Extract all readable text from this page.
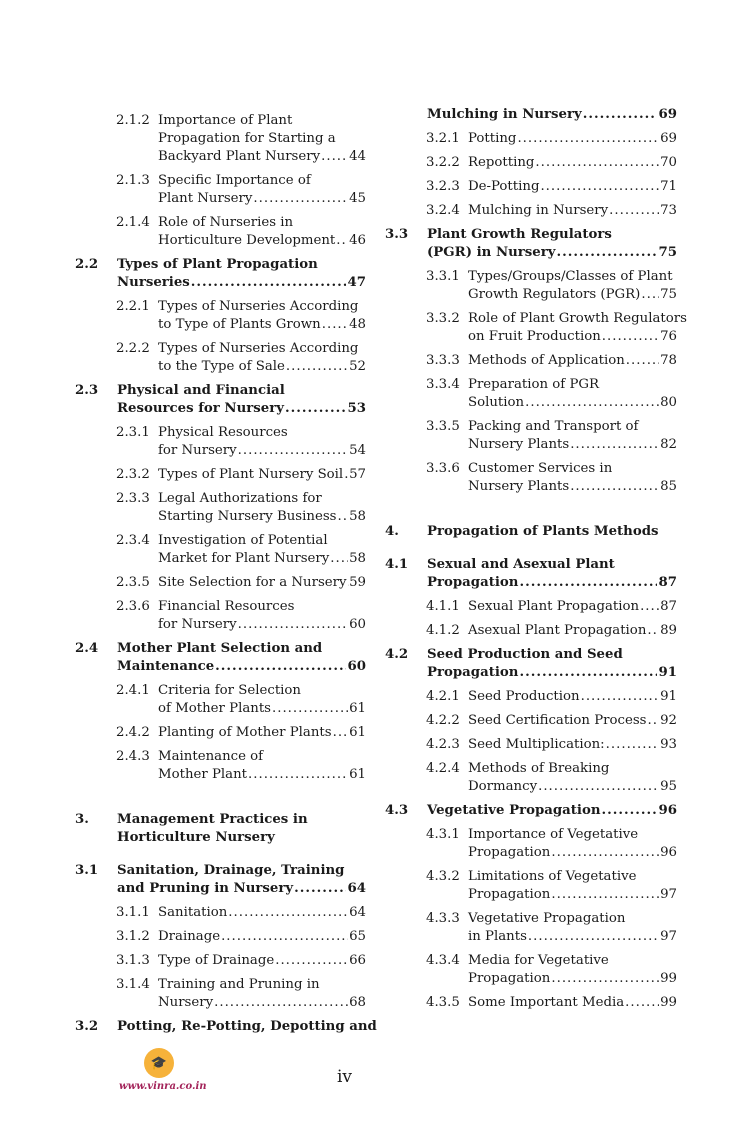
2.1.2 Importance of Plant
Propagation for Starting a
Backyard Plant Nursery ..... 44
2.1.3 Specific Importance of
Plant Nursery .....	45
2.1.4 Role of Nurseries in
Horticulture Development ..... 46
2.2 Types of Plant Propagation
Nurseries .....	47
2.2.1 Types of Nurseries According
to Type of Plants Grown ..... 48
2.2.2 Types of Nurseries According
to the Type of Sale .....	52
2.3 Physical and Financial
Resources for Nursery .....	53
2.3.1 Physical Resources
for Nursery .....	54
2.3.2 Types of Plant Nursery Soil ..... 57
2.3.3 Legal Authorizations for
Starting Nursery Business ..... 58
2.3.4 Investigation of Potential
Market for Plant Nursery ..... 58
2.3.5 Site Selection for a Nursery ..... 59
2.3.6 Financial Resources
for Nursery .....	60
2.4 Mother Plant Selection and
Maintenance .....	60
2.4.1 Criteria for Selection
of Mother Plants .....	61
2.4.2 Planting of Mother Plants ..... 61
2.4.3 Maintenance of
Mother Plant .....	61
3. Management Practices in
Horticulture Nursery
3.1 Sanitation, Drainage, Training
and Pruning in Nursery .....	64
3.1.1 Sanitation .....	64
3.1.2 Drainage .....	65
3.1.3 Type of Drainage .....	66
3.1.4 Training and Pruning in
Nursery .....	68
3.2 Potting, Re-Potting, Depotting and
Mulching in Nursery .....	69
3.2.1 Potting .....	69
3.2.2 Repotting .....	70
3.2.3 De-Potting .....	71
3.2.4 Mulching in Nursery .....	73
3.3 Plant Growth Regulators
(PGR) in Nursery .....	75
3.3.1 Types/Groups/Classes of Plant
Growth Regulators (PGR) ..... 75
3.3.2 Role of Plant Growth Regulators
on Fruit Production .....	76
3.3.3 Methods of Application .....	78
3.3.4 Preparation of PGR
Solution .....	80
3.3.5 Packing and Transport of
Nursery Plants .....	82
3.3.6 Customer Services in
Nursery Plants .....	85
4. Propagation of Plants Methods
4.1 Sexual and Asexual Plant
Propagation .....	87
4.1.1 Sexual Plant Propagation ..... 87
4.1.2 Asexual Plant Propagation ..... 89
4.2 Seed Production and Seed
Propagation .....	91
4.2.1 Seed Production .....	91
4.2.2 Seed Certification Process ..... 92
4.2.3 Seed Multiplication: .....	93
4.2.4 Methods of Breaking
Dormancy .....	95
4.3 Vegetative Propagation .....	96
4.3.1 Importance of Vegetative
Propagation .....	96
4.3.2 Limitations of Vegetative
Propagation .....	97
4.3.3 Vegetative Propagation
in Plants .....	97
4.3.4 Media for Vegetative
Propagation .....	99
4.3.5 Some Important Media .....	99
🎓
www.vinra.co.in	iv
